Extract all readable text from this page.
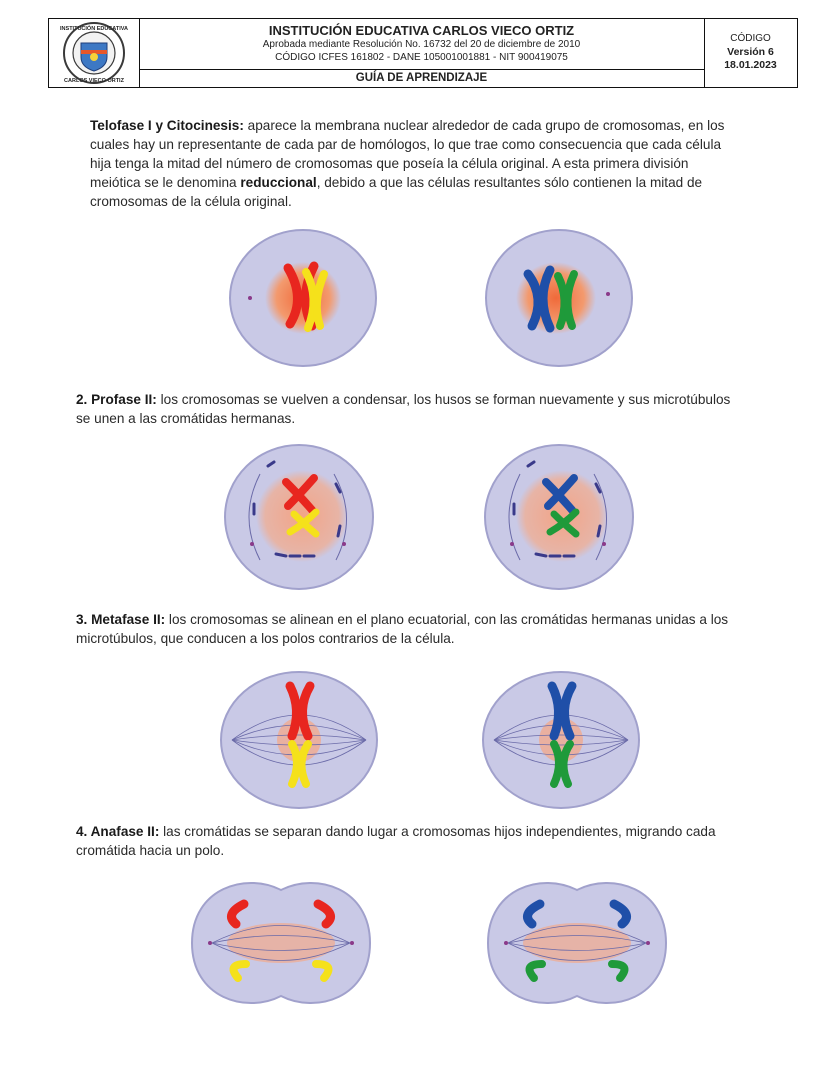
INSTITUCIÓN EDUCATIVA
CARLOS VIECO ORTIZ
INSTITUCIÓN EDUCATIVA CARLOS VIECO ORTIZ
Aprobada mediante Resolución No. 16732 del 20 de diciembre de 2010
CÓDIGO ICFES 161802 - DANE 105001001881 - NIT 900419075
GUÍA DE APRENDIZAJE
CÓDIGO
Versión 6
18.01.2023
Telofase I y Citocinesis: aparece la membrana nuclear alrededor de cada grupo de cromosomas, en los cuales hay un representante de cada par de homólogos, lo que trae como consecuencia que cada célula hija tenga la mitad del número de cromosomas que poseía la célula original. A esta primera división meiótica se le denomina reduccional, debido a que las células resultantes sólo contienen la mitad de cromosomas de la célula original.
2. Profase II: los cromosomas se vuelven a condensar, los husos se forman nuevamente y sus microtúbulos se unen a las cromátidas hermanas.
3. Metafase II: los cromosomas se alinean en el plano ecuatorial, con las cromátidas hermanas unidas a los microtúbulos, que conducen a los polos contrarios de la célula.
4. Anafase II: las cromátidas se separan dando lugar a cromosomas hijos independientes, migrando cada cromátida hacia un polo.
